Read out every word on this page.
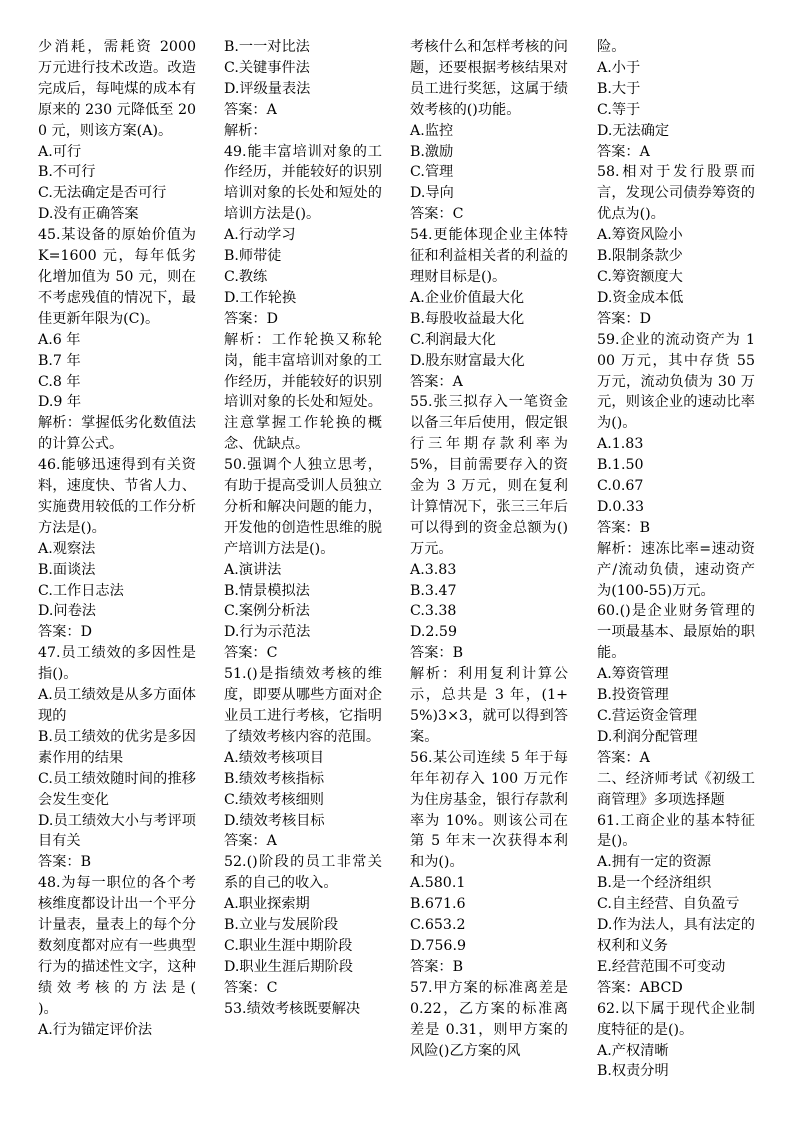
少消耗，需耗资 2000 万元进行技术改造。改造完成后，每吨煤的成本有原来的 230 元降低至 200 元，则该方案(A)。

A.可行

B.不可行

C.无法确定是否可行

D.没有正确答案

45.某设备的原始价值为 K=1600 元，每年低劣化增加值为 50 元，则在不考虑残值的情况下，最佳更新年限为(C)。

A.6 年

B.7 年

C.8 年

D.9 年

解析：掌握低劣化数值法的计算公式。

46.能够迅速得到有关资料，速度快、节省人力、实施费用较低的工作分析方法是()。

A.观察法

B.面谈法

C.工作日志法

D.问卷法

答案：D

47.员工绩效的多因性是指()。

A.员工绩效是从多方面体现的

B.员工绩效的优劣是多因素作用的结果

C.员工绩效随时间的推移会发生变化

D.员工绩效大小与考评项目有关

答案：B

48.为每一职位的各个考核维度都设计出一个平分计量表，量表上的每个分数刻度都对应有一些典型行为的描述性文字，这种绩效考核的方法是(　　)。

A.行为锚定评价法

B.一一对比法

C.关键事件法

D.评级量表法

答案：A

解析：

49.能丰富培训对象的工作经历，并能较好的识别培训对象的长处和短处的培训方法是()。

A.行动学习

B.师带徒

C.教练

D.工作轮换

答案：D

解析：工作轮换又称轮岗，能丰富培训对象的工作经历，并能较好的识别培训对象的长处和短处。注意掌握工作轮换的概念、优缺点。

50.强调个人独立思考，有助于提高受训人员独立分析和解决问题的能力，开发他的创造性思维的脱产培训方法是()。

A.演讲法

B.情景模拟法

C.案例分析法

D.行为示范法

答案：C

51.()是指绩效考核的维度，即要从哪些方面对企业员工进行考核，它指明了绩效考核内容的范围。

A.绩效考核项目

B.绩效考核指标

C.绩效考核细则

D.绩效考核目标

答案：A

52.()阶段的员工非常关系的自己的收入。

A.职业探索期

B.立业与发展阶段

C.职业生涯中期阶段

D.职业生涯后期阶段

答案：C

53.绩效考核既要解决

考核什么和怎样考核的问题，还要根据考核结果对员工进行奖惩，这属于绩效考核的()功能。

A.监控

B.激励

C.管理

D.导向

答案：C

54.更能体现企业主体特征和利益相关者的利益的理财目标是()。

A.企业价值最大化

B.每股收益最大化

C.利润最大化

D.股东财富最大化

答案：A

55.张三拟存入一笔资金以备三年后使用，假定银行三年期存款利率为 5%，目前需要存入的资金为 3 万元，则在复利计算情况下，张三三年后可以得到的资金总额为()万元。

A.3.83

B.3.47

C.3.38

D.2.59

答案：B

解析：利用复利计算公示，总共是 3 年，(1+5%)3×3，就可以得到答案。

56.某公司连续 5 年于每年年初存入 100 万元作为住房基金，银行存款利率为 10%。则该公司在第 5 年末一次获得本利和为()。

A.580.1

B.671.6

C.653.2

D.756.9

答案：B

57.甲方案的标准离差是 0.22，乙方案的标准离差是 0.31，则甲方案的风险()乙方案的风

险。

A.小于

B.大于

C.等于

D.无法确定

答案：A

58.相对于发行股票而言，发现公司债券筹资的优点为()。

A.筹资风险小

B.限制条款少

C.筹资额度大

D.资金成本低

答案：D

59.企业的流动资产为 100 万元，其中存货 55 万元，流动负债为 30 万元，则该企业的速动比率为()。

A.1.83

B.1.50

C.0.67

D.0.33

答案：B

解析：速冻比率=速动资产/流动负债，速动资产为(100-55)万元。

60.()是企业财务管理的一项最基本、最原始的职能。

A.筹资管理

B.投资管理

C.营运资金管理

D.利润分配管理

答案：A

二、经济师考试《初级工商管理》多项选择题

61.工商企业的基本特征是()。

A.拥有一定的资源

B.是一个经济组织

C.自主经营、自负盈亏

D.作为法人，具有法定的权利和义务

E.经营范围不可变动

答案：ABCD

62.以下属于现代企业制度特征的是()。

A.产权清晰

B.权责分明
